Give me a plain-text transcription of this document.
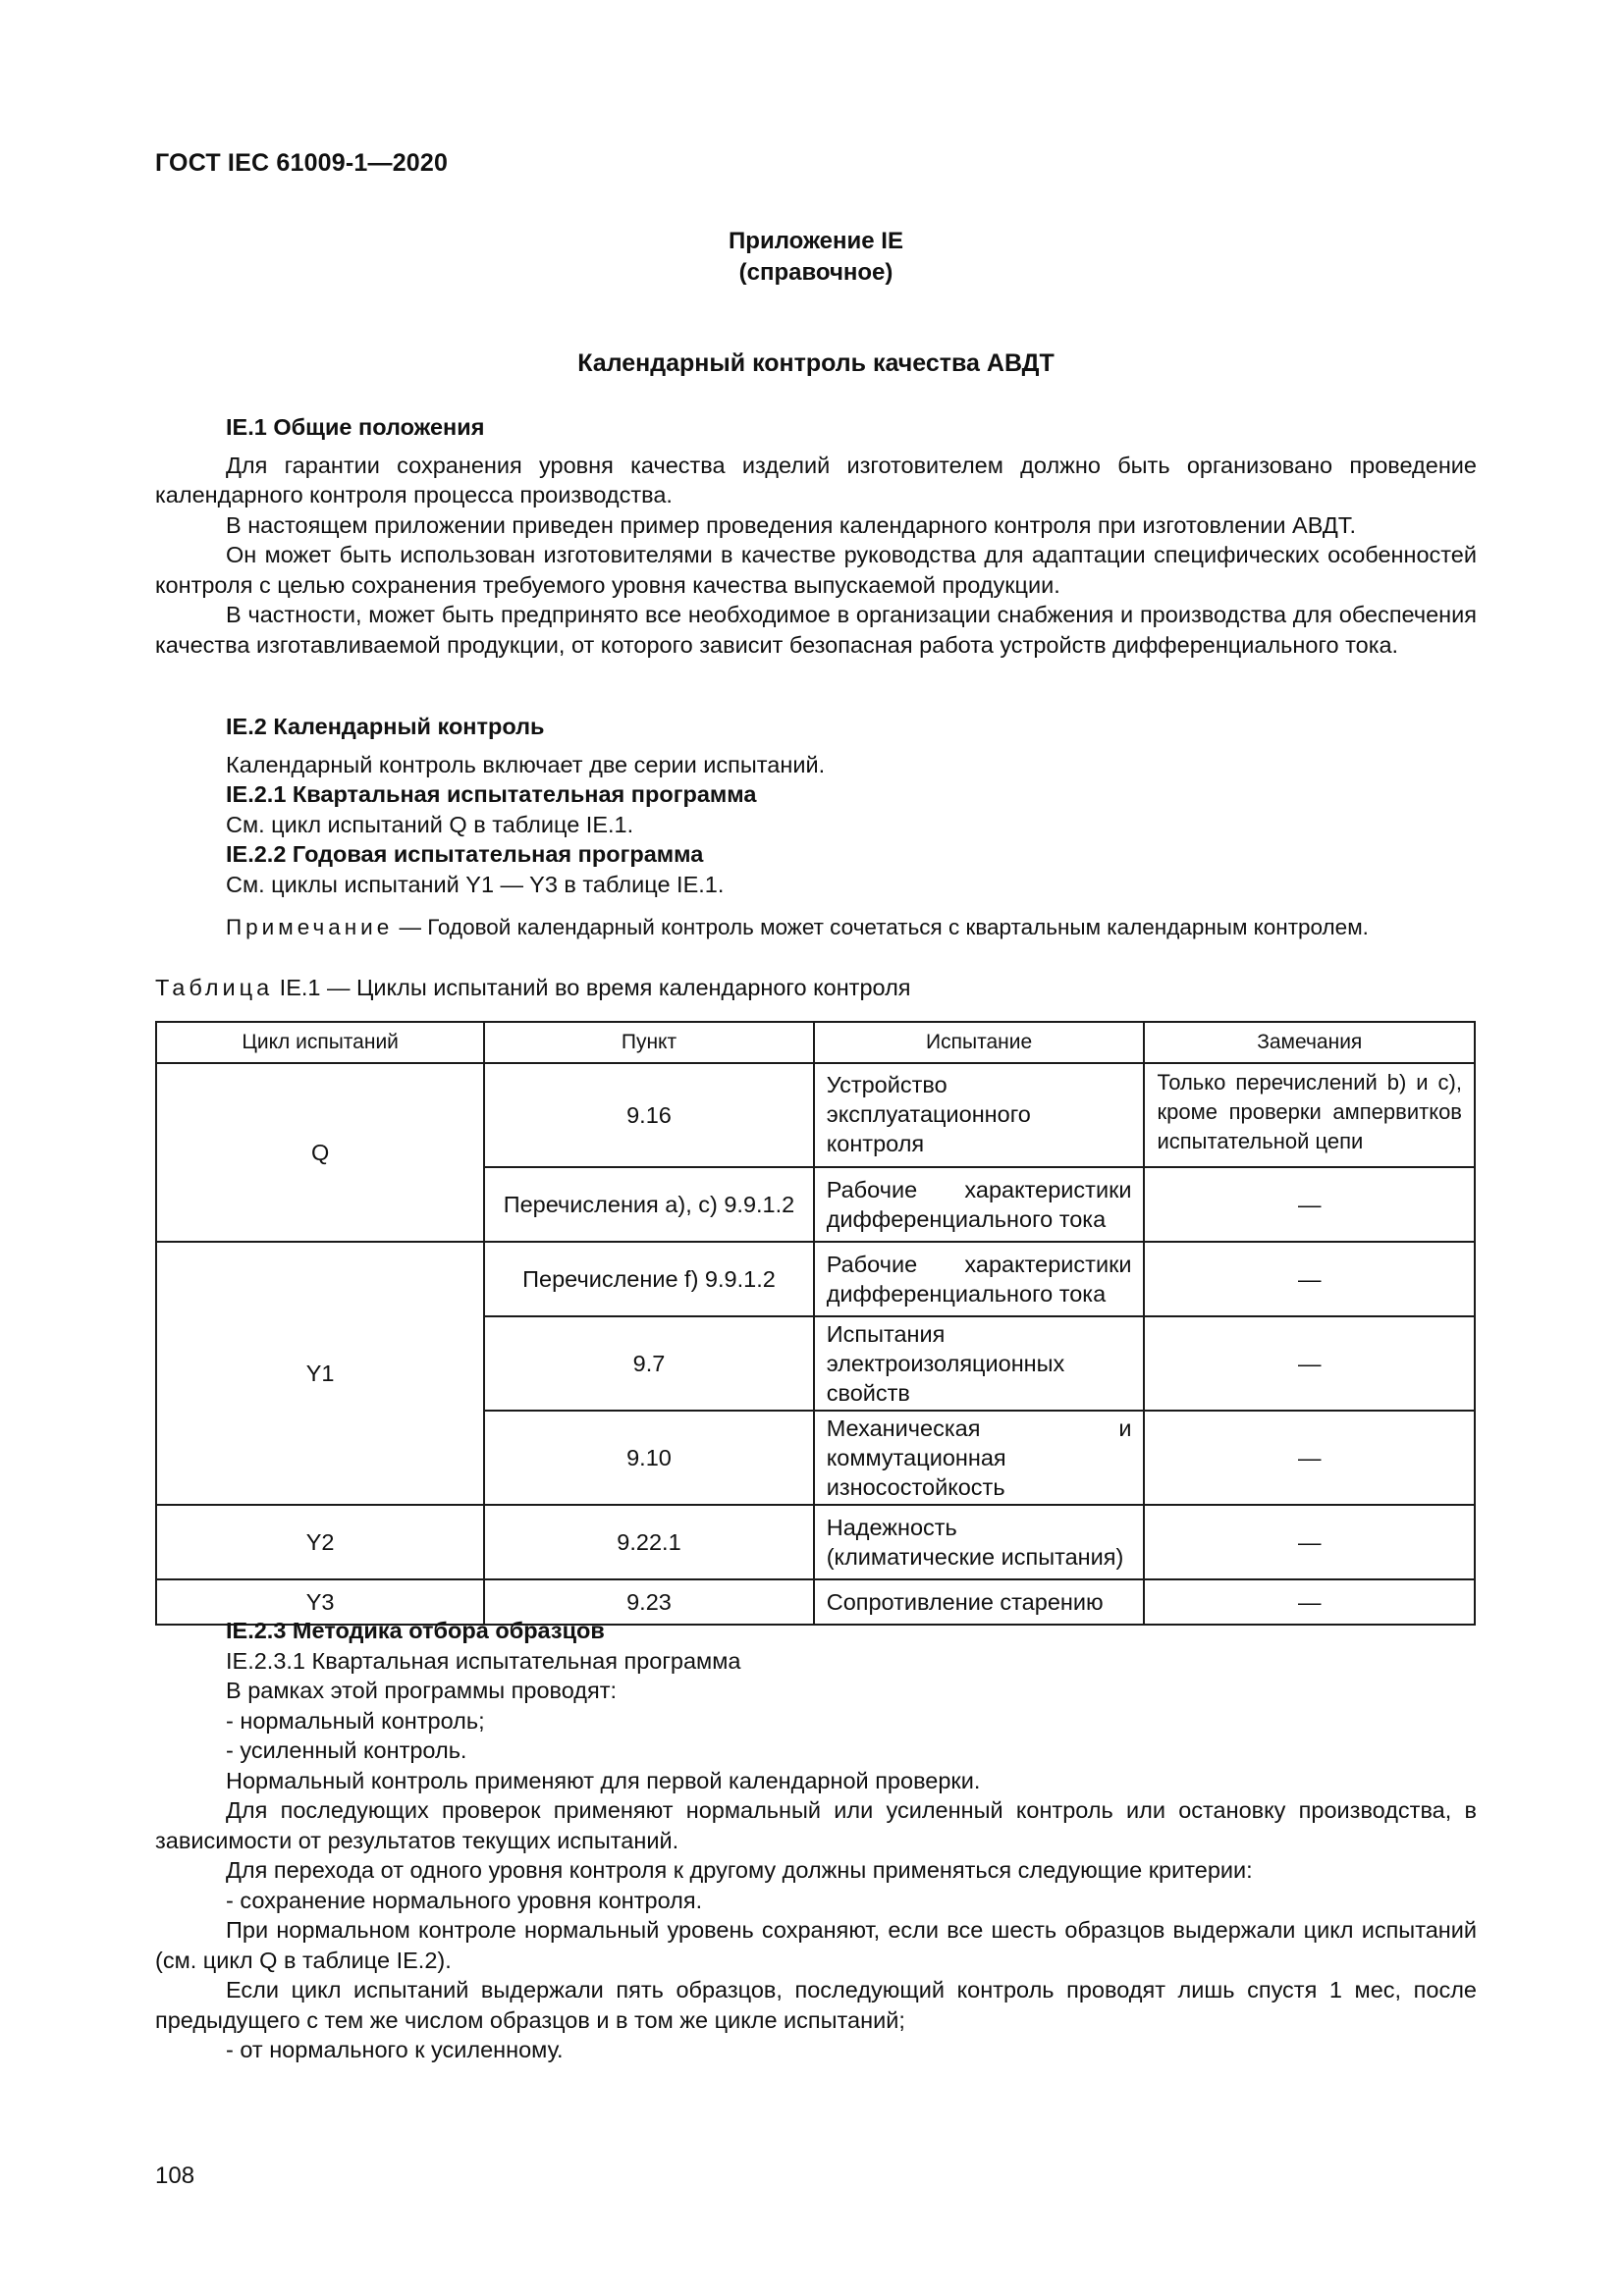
ГОСТ IEC 61009-1—2020
Приложение IE
(справочное)
Календарный контроль качества АВДТ

IE.1 Общие положения

Для гарантии сохранения уровня качества изделий изготовителем должно быть организовано проведение календарного контроля процесса производства.

В настоящем приложении приведен пример проведения календарного контроля при изготовлении АВДТ.

Он может быть использован изготовителями в качестве руководства для адаптации специфических особенностей контроля с целью сохранения требуемого уровня качества выпускаемой продукции.

В частности, может быть предпринято все необходимое в организации снабжения и производства для обеспечения качества изготавливаемой продукции, от которого зависит безопасная работа устройств дифференциального тока.

IE.2 Календарный контроль

Календарный контроль включает две серии испытаний.

IE.2.1 Квартальная испытательная программа

См. цикл испытаний Q в таблице IE.1.

IE.2.2 Годовая испытательная программа

См. циклы испытаний Y1 — Y3 в таблице IE.1.

Примечание — Годовой календарный контроль может сочетаться с квартальным календарным контролем.

Таблица IE.1 — Циклы испытаний во время календарного контроля
Цикл испытаний	Пункт	Испытание	Замечания
Q	9.16	Устройство эксплуатационного контроля	Только перечислений b) и c), кроме проверки ампервитков испытательной цепи
	Перечисления a), c) 9.9.1.2	Рабочие характеристики дифференциального тока	—
Y1	Перечисление f) 9.9.1.2	Рабочие характеристики дифференциального тока	—
	9.7	Испытания электроизоляционных свойств	—
	9.10	Механическая и коммутационная износостойкость	—
Y2	9.22.1	Надежность (климатические испытания)	—
Y3	9.23	Сопротивление старению	—

IE.2.3 Методика отбора образцов

IE.2.3.1 Квартальная испытательная программа

В рамках этой программы проводят:

- нормальный контроль;

- усиленный контроль.

Нормальный контроль применяют для первой календарной проверки.

Для последующих проверок применяют нормальный или усиленный контроль или остановку производства, в зависимости от результатов текущих испытаний.

Для перехода от одного уровня контроля к другому должны применяться следующие критерии:

- сохранение нормального уровня контроля.

При нормальном контроле нормальный уровень сохраняют, если все шесть образцов выдержали цикл испытаний (см. цикл Q в таблице IE.2).

Если цикл испытаний выдержали пять образцов, последующий контроль проводят лишь спустя 1 мес, после предыдущего с тем же числом образцов и в том же цикле испытаний;

- от нормального к усиленному.

108
